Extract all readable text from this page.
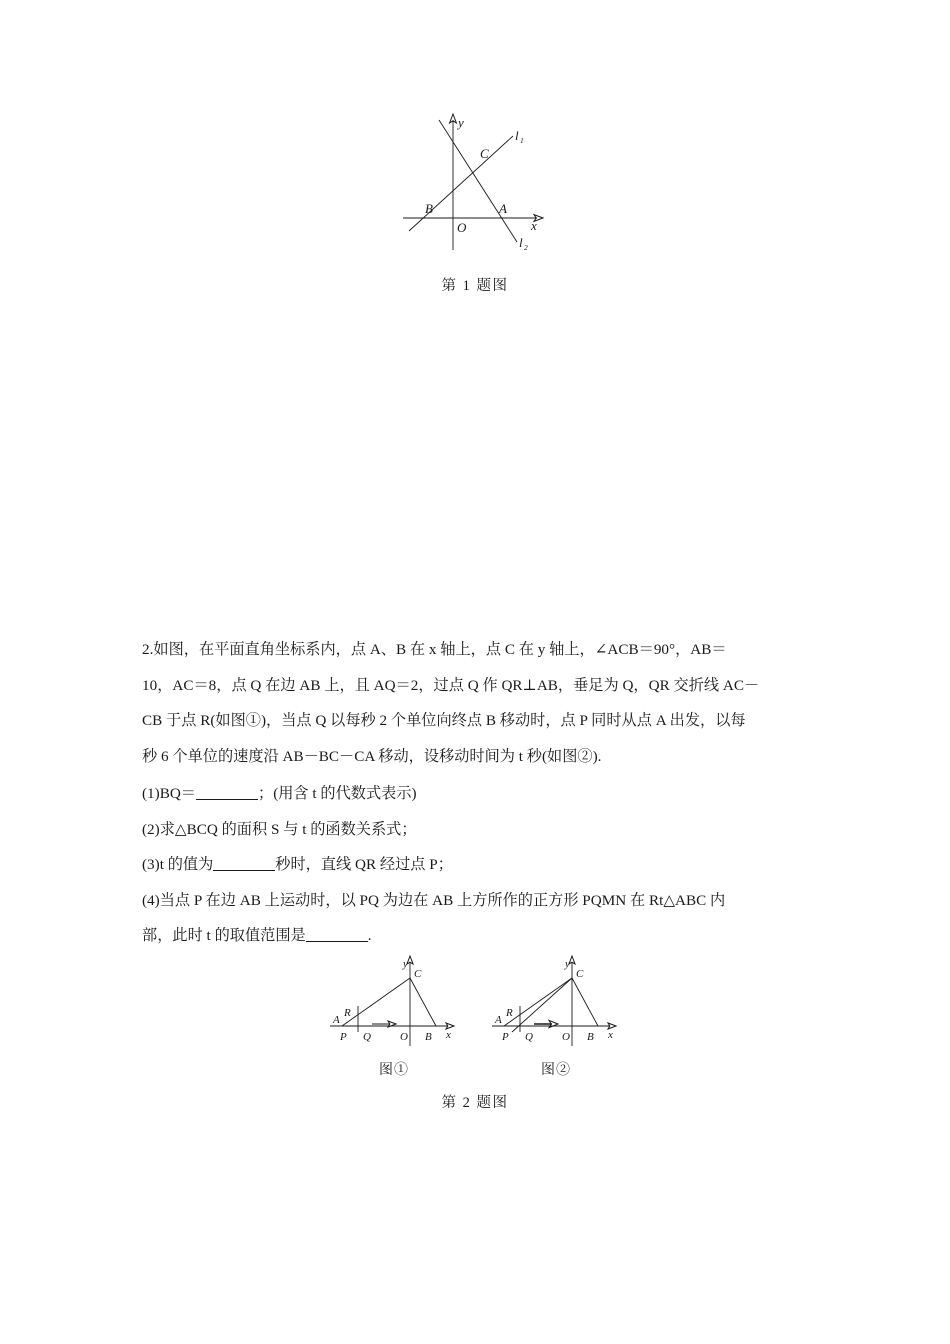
y
x
O
B	A
C
l 1
l 2
第 1 题图
2.如图，在平面直角坐标系内，点 A、B 在 x 轴上，点 C 在 y 轴上，∠ACB＝90°，AB＝
10，AC＝8，点 Q 在边 AB 上，且 AQ＝2，过点 Q 作 QR⊥AB，垂足为 Q，QR 交折线 AC－
CB 于点 R(如图①)，当点 Q 以每秒 2 个单位向终点 B 移动时，点 P 同时从点 A 出发，以每
秒 6 个单位的速度沿 AB－BC－CA 移动，设移动时间为 t 秒(如图②).
(1)BQ＝	；(用含 t 的代数式表示)
(2)求△BCQ 的面积 S 与 t 的函数关系式；
(3)t 的值为	秒时，直线 QR 经过点 P；
(4)当点 P 在边 AB 上运动时，以 PQ 为边在 AB 上方所作的正方形 PQMN 在 Rt△ABC 内
部，此时 t 的取值范围是	.
A
R
P Q	O B
C
y
x
图①
A
R
P Q	O B
C
y
x
图②
第 2 题图
